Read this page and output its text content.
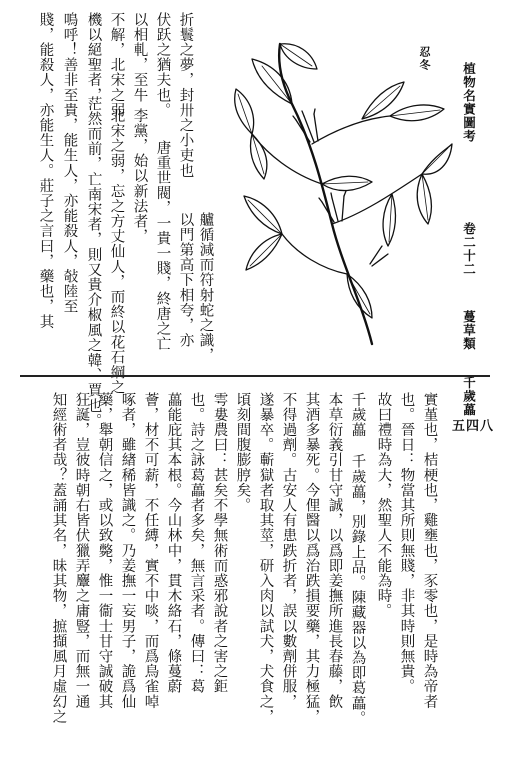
植物名實圖考
卷二十二
蔓草類
千歲藟
五四八
忍冬
艫循減而符射蛇之識，
折鬟之夢，封卅之小吏也
以門第高下相夸，亦
伏跃之猶夫也。
唐重世閥，一貴一賤，終唐之亡
以相軋，至牛
李黨，始以新法者，
不解，北宋之弱
北宋之弱，忘之方丈仙人，而終以花石綱之
機以絕聖者，
茫然而前，亡南宋者，則又貴介椒風之韓、賈也。
鳴呼！善非至貴，能生人，亦能殺人，敧陸至
賤，能殺人，亦能生人。莊子之言曰，藥也，其
實堇也，桔梗也，雞壅也，豕零也，是時為帝者
也。晉日：物當其所則無賤，非其時則無貴。
故曰禮時為大，然聖人不能為時。
千歲藟 千歲藟，別錄上品。陳藏器以為即葛藟。
本草衍義引甘守誠，以爲即姜撫所進長春藤，飲
其酒多暴死。今俚醫以爲治跌損要藥，其力極猛，
不得過劑。古安人有患跌折者，誤以數劑併服，
遂暴卒。蘄獄者取其莖，研入肉以試犬，犬食之，
頃刻間腹膨脝矣。
雩婁農曰：甚矣不學無術而惑邪說者之害之鉅
也。詩之詠葛藟者多矣，無言采者。傳曰：葛
藟能庇其本根。今山林中，貫木絡石，條蔓蔚
薈，材不可薪，不任縛，實不中啖，而爲鳥雀啅
啄者，雖緖稀皆識之。乃姜撫一妄男子，詭爲仙
藥，舉朝信之，或以致斃，惟一衞士甘守誠破其
狂誕，豈彼時朝右皆伏獵弄麞之庸豎，而無一通
知經術者哉？蓋誦其名，昧其物，摭擷風月虛幻之
